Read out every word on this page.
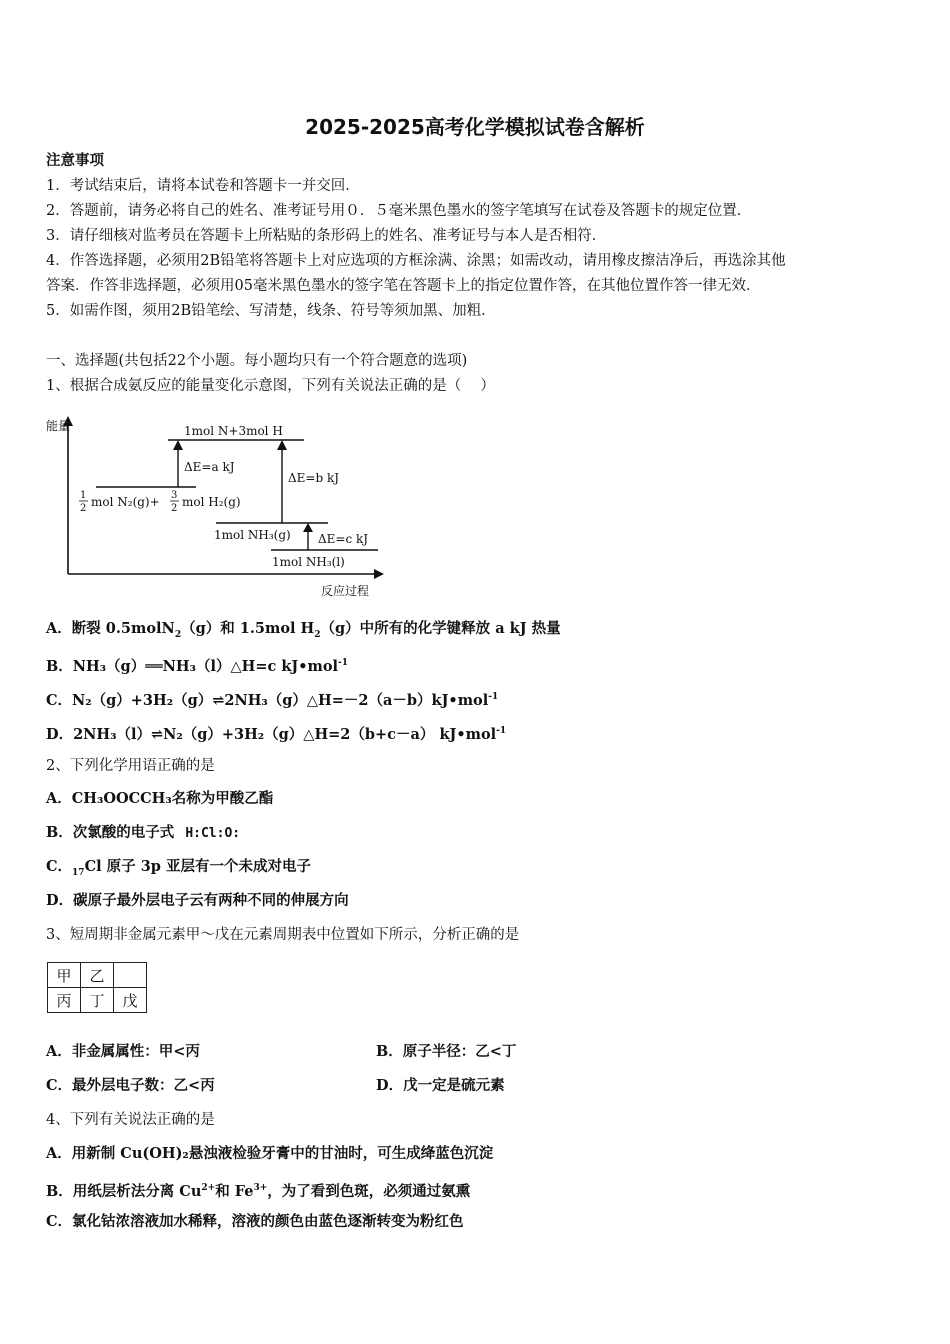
2025-2025高考化学模拟试卷含解析
注意事项
1．考试结束后，请将本试卷和答题卡一并交回．
2．答题前，请务必将自己的姓名、准考证号用０．５毫米黑色墨水的签字笔填写在试卷及答题卡的规定位置．
3．请仔细核对监考员在答题卡上所粘贴的条形码上的姓名、准考证号与本人是否相符．
4．作答选择题，必须用2B铅笔将答题卡上对应选项的方框涂满、涂黑；如需改动，请用橡皮擦洁净后，再选涂其他
答案．作答非选择题，必须用05毫米黑色墨水的签字笔在答题卡上的指定位置作答，在其他位置作答一律无效．
5．如需作图，须用2B铅笔绘、写清楚，线条、符号等须加黑、加粗．
一、选择题(共包括22个小题。每小题均只有一个符合题意的选项)
1、根据合成氨反应的能量变化示意图，下列有关说法正确的是（　 ）
能量
反应过程
1mol N+3mol H
1
2 mol N₂(g)+ 3
2 mol H₂(g)
1mol NH₃(g)
1mol NH₃(l)
ΔE=a kJ
ΔE=b kJ
ΔE=c kJ
A．断裂 0.5molN$_2$（g）和 1.5mol $H_2(g)$中所有的化学键释放 a kJ 热量
B．NH₃（g）══NH₃（l）△H=c kJ•mol$^{-1}$
C．N₂（g）+3H₂（g）⇌2NH₃（g）△H=－2（a－b）kJ•mol$^{-1}$
D．2NH₃（l）⇌N₂（g）+3H₂（g）△H=2（b+c－a） kJ•mol$^{-1}$
2、下列化学用语正确的是
A．CH₃OOCCH₃名称为甲酸乙酯
B．次氯酸的电子式 H:Cl:O:
C．$_{17}$Cl 原子 3p 亚层有一个未成对电子
D．碳原子最外层电子云有两种不同的伸展方向
3、短周期非金属元素甲～戊在元素周期表中位置如下所示，分析正确的是
甲	乙	
丙	丁	戊
A．非金属属性：甲<丙	B．原子半径：乙<丁
C．最外层电子数：乙<丙	D．戊一定是硫元素
4、下列有关说法正确的是
A．用新制 Cu(OH)₂悬浊液检验牙膏中的甘油时，可生成绛蓝色沉淀
B．用纸层析法分离 $Cu^{2+}$和 $Fe^{3+}$，为了看到色斑，必须通过氨熏
C．氯化钴浓溶液加水稀释，溶液的颜色由蓝色逐渐转变为粉红色
